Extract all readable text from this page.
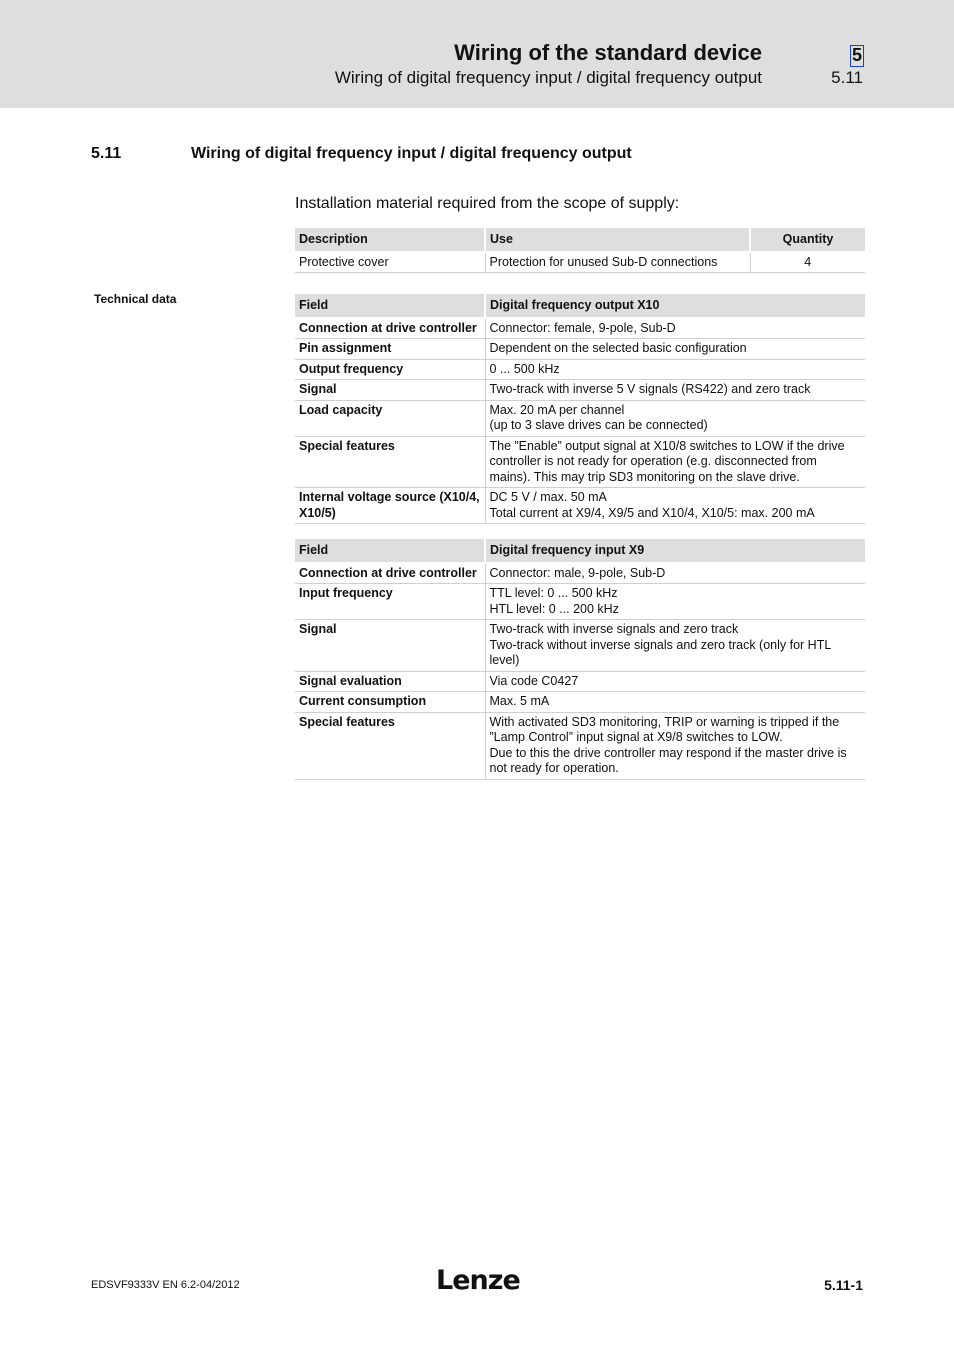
Wiring of the standard device
Wiring of digital frequency input / digital frequency output
5
5.11
5.11	Wiring of digital frequency input / digital frequency output
Installation material required from the scope of supply:
Description	Use	Quantity
Protective cover	Protection for unused Sub-D connections	4
Technical data	Field	Digital frequency output X10
Connection at drive controller	Connector: female, 9-pole, Sub-D

Pin assignment	Dependent on the selected basic configuration

Output frequency	0 ... 500 kHz

Signal	Two-track with inverse 5 V signals (RS422) and zero track

Load capacity	Max. 20 mA per channel
(up to 3 slave drives can be connected)

Special features	The ”Enable” output signal at X10/8 switches to LOW if the drive controller is not ready for operation (e.g. disconnected from mains). This may trip SD3 monitoring on the slave drive.

Internal voltage source (X10/4, X10/5)	DC 5 V / max. 50 mA
Total current at X9/4, X9/5 and X10/4, X10/5: max. 200 mA
Field	Digital frequency input X9
Connection at drive controller	Connector: male, 9-pole, Sub-D

Input frequency	TTL level: 0 ... 500 kHz
HTL level: 0 ... 200 kHz

Signal	Two-track with inverse signals and zero track
Two-track without inverse signals and zero track (only for HTL level)

Signal evaluation	Via code C0427

Current consumption	Max. 5 mA

Special features	With activated SD3 monitoring, TRIP or warning is tripped if the ”Lamp Control” input signal at X9/8 switches to LOW.
Due to this the drive controller may respond if the master drive is not ready for operation.
EDSVF9333V EN 6.2-04/2012	Lenze	5.11-1
